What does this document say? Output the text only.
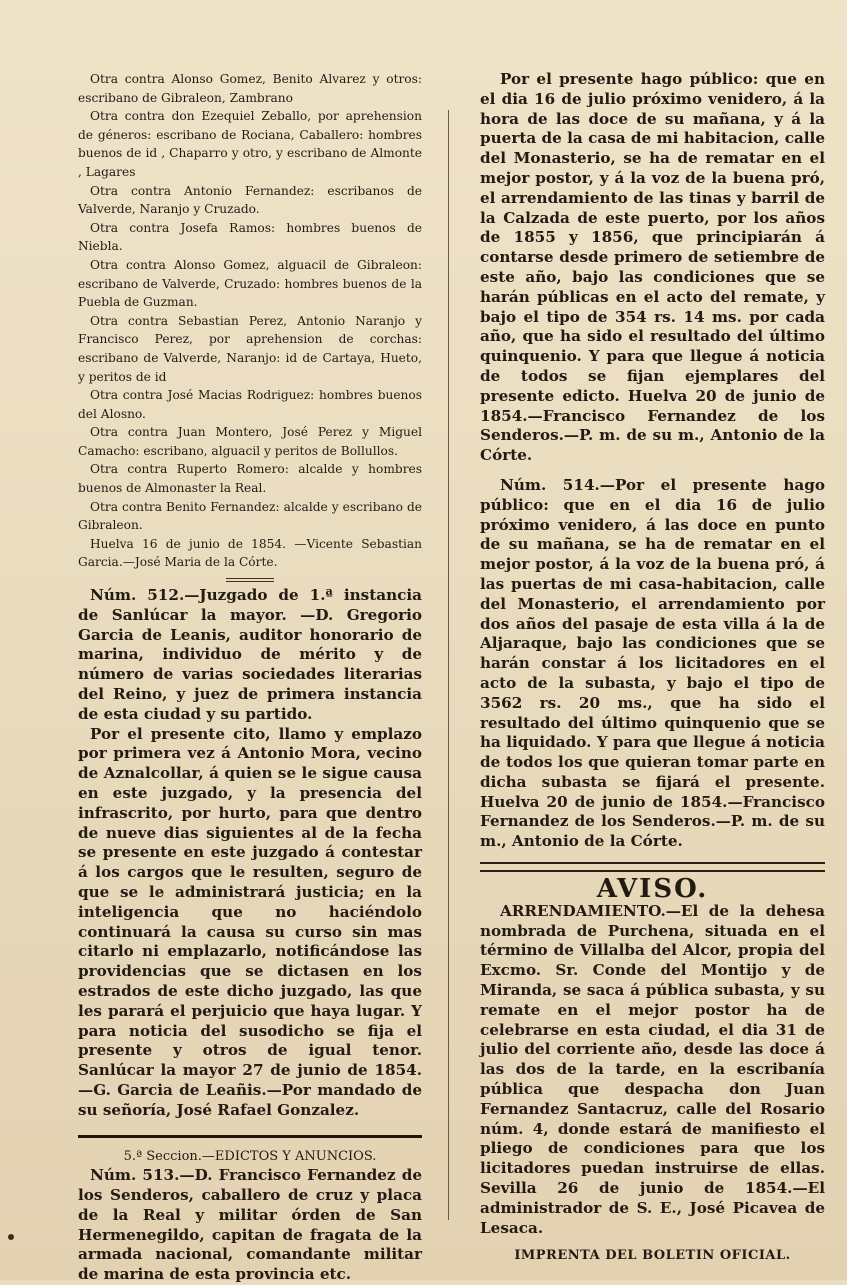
Otra contra Alonso Gomez, Benito Alvarez y otros: escribano de Gibraleon, Zambrano

Otra contra don Ezequiel Zeballo, por aprehension de géneros: escribano de Rociana, Caballero: hombres buenos de id , Chaparro y otro, y escribano de Almonte , Lagares

Otra contra Antonio Fernandez: escribanos de Valverde, Naranjo y Cruzado.

Otra contra Josefa Ramos: hombres buenos de Niebla.

Otra contra Alonso Gomez, alguacil de Gibraleon: escribano de Valverde, Cruzado: hombres buenos de la Puebla de Guzman.

Otra contra Sebastian Perez, Antonio Naranjo y Francisco Perez, por aprehension de corchas: escribano de Valverde, Naranjo: id de Cartaya, Hueto, y peritos de id

Otra contra José Macias Rodriguez: hombres buenos del Alosno.

Otra contra Juan Montero, José Perez y Miguel Camacho: escribano, alguacil y peritos de Bollullos.

Otra contra Ruperto Romero: alcalde y hombres buenos de Almonaster la Real.

Otra contra Benito Fernandez: alcalde y escribano de Gibraleon.

Huelva 16 de junio de 1854. —Vicente Sebastian Garcia.—José Maria de la Córte.

Núm. 512.—Juzgado de 1.ª instancia de Sanlúcar la mayor. —D. Gregorio Garcia de Leanis, auditor honorario de marina, individuo de mérito y de número de varias sociedades literarias del Reino, y juez de primera instancia de esta ciudad y su partido.

Por el presente cito, llamo y emplazo por primera vez á Antonio Mora, vecino de Aznalcollar, á quien se le sigue causa en este juzgado, y la presencia del infrascrito, por hurto, para que dentro de nueve dias siguientes al de la fecha se presente en este juzgado á contestar á los cargos que le resulten, seguro de que se le administrará justicia; en la inteligencia que no haciéndolo continuará la causa su curso sin mas citarlo ni emplazarlo, notificándose las providencias que se dictasen en los estrados de este dicho juzgado, las que les parará el perjuicio que haya lugar. Y para noticia del susodicho se fija el presente y otros de igual tenor. Sanlúcar la mayor 27 de junio de 1854.—G. Garcia de Leañis.—Por mandado de su señoría, José Rafael Gonzalez.

5.ª Seccion.—EDICTOS Y ANUNCIOS.

Núm. 513.—D. Francisco Fernandez de los Senderos, caballero de cruz y placa de la Real y militar órden de San Hermenegildo, capitan de fragata de la armada nacional, comandante militar de marina de esta provincia etc.

Por el presente hago público: que en el dia 16 de julio próximo venidero, á la hora de las doce de su mañana, y á la puerta de la casa de mi habitacion, calle del Monasterio, se ha de rematar en el mejor postor, y á la voz de la buena pró, el arrendamiento de las tinas y barril de la Calzada de este puerto, por los años de 1855 y 1856, que principiarán á contarse desde primero de setiembre de este año, bajo las condiciones que se harán públicas en el acto del remate, y bajo el tipo de 354 rs. 14 ms. por cada año, que ha sido el resultado del último quinquenio. Y para que llegue á noticia de todos se fijan ejemplares del presente edicto. Huelva 20 de junio de 1854.—Francisco Fernandez de los Senderos.—P. m. de su m., Antonio de la Córte.

Núm. 514.—Por el presente hago público: que en el dia 16 de julio próximo venidero, á las doce en punto de su mañana, se ha de rematar en el mejor postor, á la voz de la buena pró, á las puertas de mi casa-habitacion, calle del Monasterio, el arrendamiento por dos años del pasaje de esta villa á la de Aljaraque, bajo las condiciones que se harán constar á los licitadores en el acto de la subasta, y bajo el tipo de 3562 rs. 20 ms., que ha sido el resultado del último quinquenio que se ha liquidado. Y para que llegue á noticia de todos los que quieran tomar parte en dicha subasta se fijará el presente. Huelva 20 de junio de 1854.—Francisco Fernandez de los Senderos.—P. m. de su m., Antonio de la Córte.

AVISO.

ARRENDAMIENTO.—El de la dehesa nombrada de Purchena, situada en el término de Villalba del Alcor, propia del Excmo. Sr. Conde del Montijo y de Miranda, se saca á pública subasta, y su remate en el mejor postor ha de celebrarse en esta ciudad, el dia 31 de julio del corriente año, desde las doce á las dos de la tarde, en la escribanía pública que despacha don Juan Fernandez Santacruz, calle del Rosario núm. 4, donde estará de manifiesto el pliego de condiciones para que los licitadores puedan instruirse de ellas. Sevilla 26 de junio de 1854.—El administrador de S. E., José Picavea de Lesaca.

IMPRENTA DEL BOLETIN OFICIAL.
